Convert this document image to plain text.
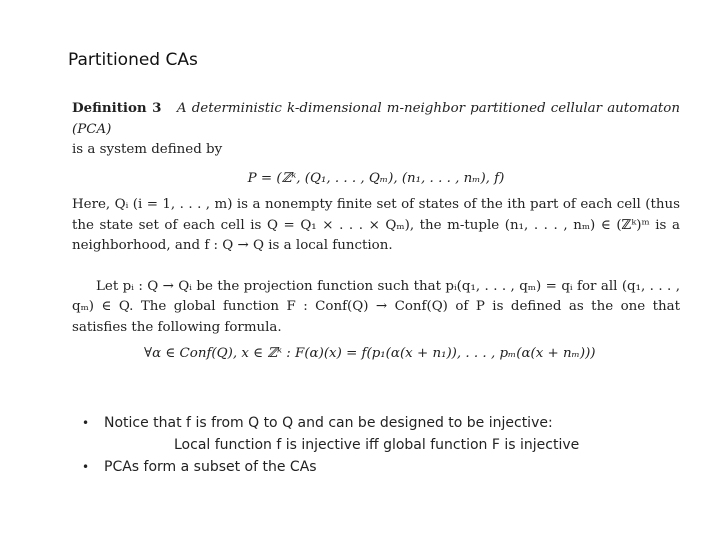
Partitioned CAs

Definition 3 A deterministic k-dimensional m-neighbor partitioned cellular automaton (PCA)

is a system defined by

P = (ℤᵏ, (Q₁, . . . , Qₘ), (n₁, . . . , nₘ), f)

Here, Qᵢ (i = 1, . . . , m) is a nonempty finite set of states of the ith part of each cell (thus the state set of each cell is Q = Q₁ × . . . × Qₘ), the m-tuple (n₁, . . . , nₘ) ∈ (ℤᵏ)ᵐ is a neighborhood, and f : Q → Q is a local function.

Let pᵢ : Q → Qᵢ be the projection function such that pᵢ(q₁, . . . , qₘ) = qᵢ for all (q₁, . . . , qₘ) ∈ Q. The global function F : Conf(Q) → Conf(Q) of P is defined as the one that satisfies the following formula.

∀α ∈ Conf(Q), x ∈ ℤᵏ : F(α)(x) = f(p₁(α(x + n₁)), . . . , pₘ(α(x + nₘ)))
• Notice that f is from Q to Q and can be designed to be injective:
Local function f is injective iff global function F is injective
• PCAs form a subset of the CAs
